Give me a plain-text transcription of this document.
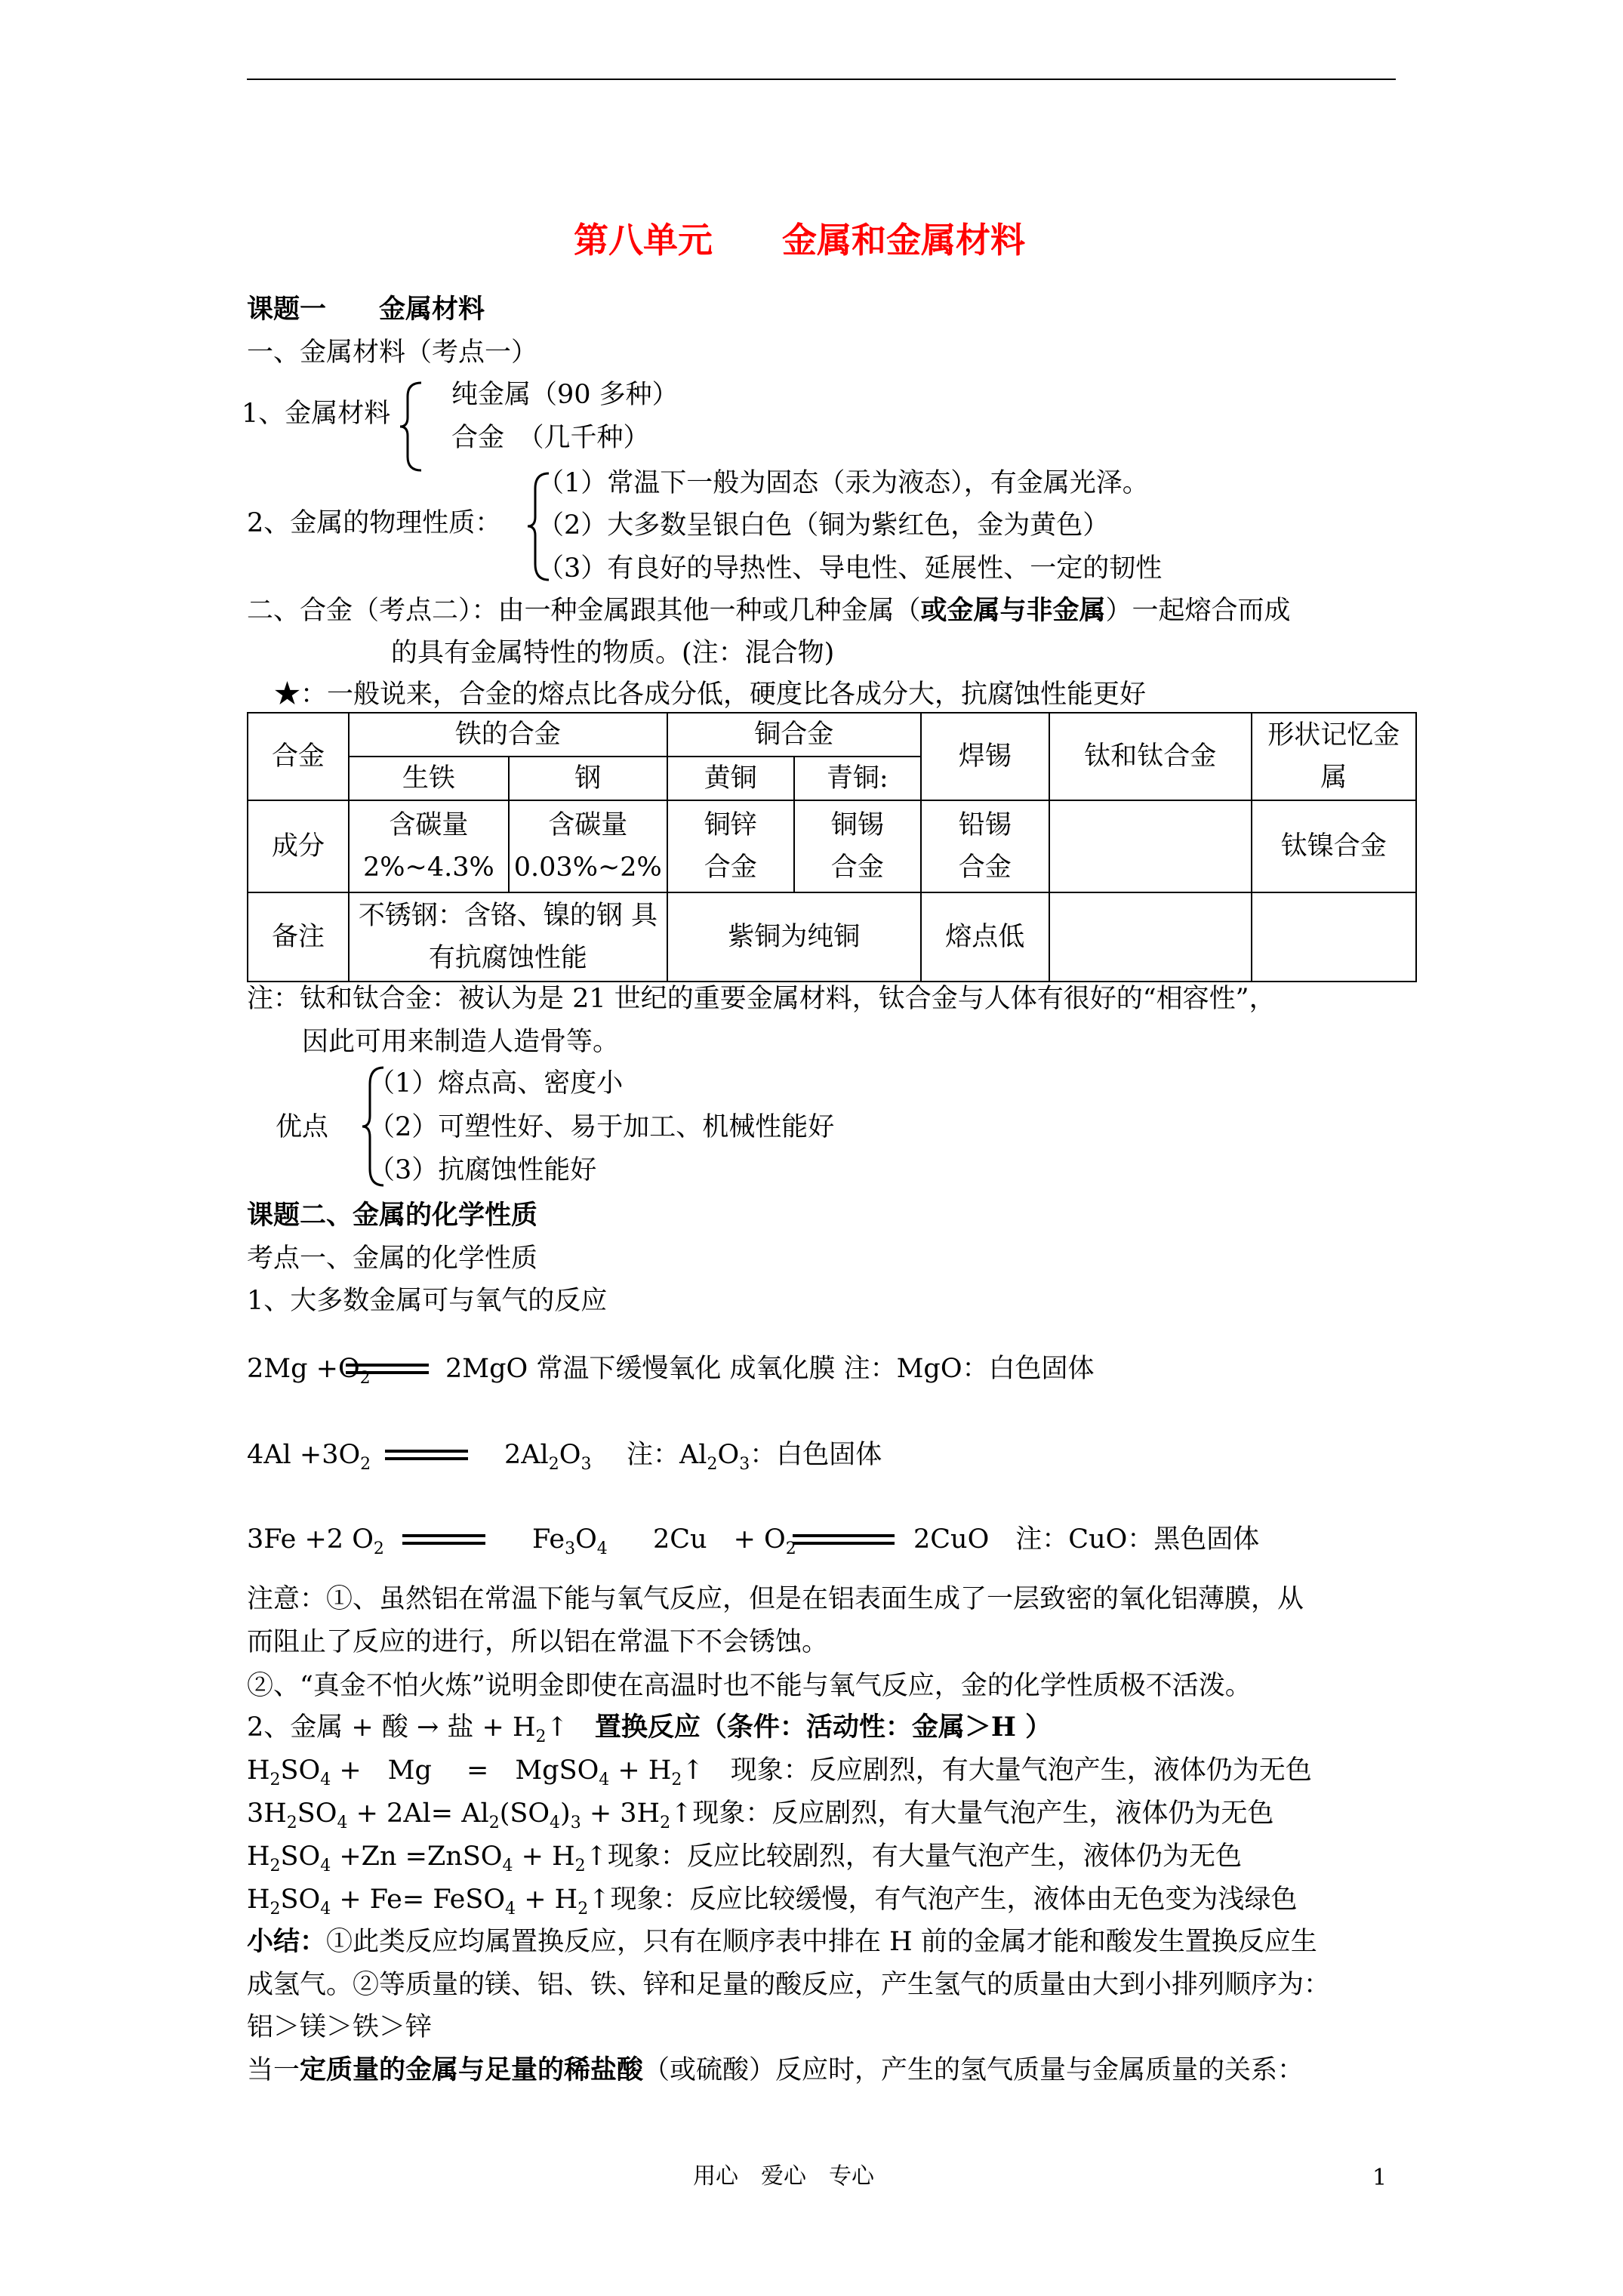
第八单元　　金属和金属材料
课题一　　金属材料
一、金属材料（考点一）
1、金属材料
纯金属（90 多种）
合金　（几千种）
2、金属的物理性质：
（1）常温下一般为固态（汞为液态），有金属光泽。
（2）大多数呈银白色（铜为紫红色，金为黄色）
（3）有良好的导热性、导电性、延展性、一定的韧性
二、合金（考点二）：由一种金属跟其他一种或几种金属（或金属与非金属）一起熔合而成
的具有金属特性的物质。(注：混合物)
★：一般说来，合金的熔点比各成分低，硬度比各成分大，抗腐蚀性能更好
合金	铁的合金		铜合金		焊锡	钛和钛合金	形状记忆金属
	生铁	钢	黄铜	青铜:			
成分	含碳量 2%~4.3%	含碳量 0.03%~2%	铜锌 合金	铜锡 合金	铅锡 合金		钛镍合金
备注	不锈钢：含铬、镍的钢 具有抗腐蚀性能		紫铜为纯铜		熔点低		
注：钛和钛合金：被认为是 21 世纪的重要金属材料，钛合金与人体有很好的“相容性”，
因此可用来制造人造骨等。
优点
（1）熔点高、密度小
（2）可塑性好、易于加工、机械性能好
（3）抗腐蚀性能好
课题二、金属的化学性质
考点一、金属的化学性质
1、大多数金属可与氧气的反应
$2Mg +O_2$	2MgO 常温下缓慢氧化 成氧化膜 注：MgO：白色固体
$4Al +3O_2$	$2Al_2O_3$ 注：$Al_2O_3$：白色固体
3Fe +2 $O_2$	$Fe_3O_4$ 2Cu　+ $O_2$	2CuO　注：CuO：黑色固体
注意：①、虽然铝在常温下能与氧气反应，但是在铝表面生成了一层致密的氧化铝薄膜，从
而阻止了反应的进行，所以铝在常温下不会锈蚀。
②、“真金不怕火炼”说明金即使在高温时也不能与氧气反应，金的化学性质极不活泼。
2、金属 + 酸 → 盐 + $H_2↑$　置换反应（条件：活动性：金属＞H ）
$H_2SO_4$ +　Mg　 =　MgSO$_4$ + $H_2↑$　现象：反应剧烈，有大量气泡产生，液体仍为无色
$3H_2SO_4 + 2Al= Al_2(SO_4)_3$ + $3H_2↑$现象：反应剧烈，有大量气泡产生，液体仍为无色
$H_2SO_4 +Zn$ =ZnSO$_4$ + $H_2↑$现象：反应比较剧烈，有大量气泡产生，液体仍为无色
$H_2SO_4 + Fe=$ FeSO$_4$ + $H_2↑$现象：反应比较缓慢，有气泡产生，液体由无色变为浅绿色
小结：①此类反应均属置换反应，只有在顺序表中排在 H 前的金属才能和酸发生置换反应生
成氢气。②等质量的镁、铝、铁、锌和足量的酸反应，产生氢气的质量由大到小排列顺序为：
铝＞镁＞铁＞锌
当一定质量的金属与足量的稀盐酸（或硫酸）反应时，产生的氢气质量与金属质量的关系：
用心　爱心　专心	1
